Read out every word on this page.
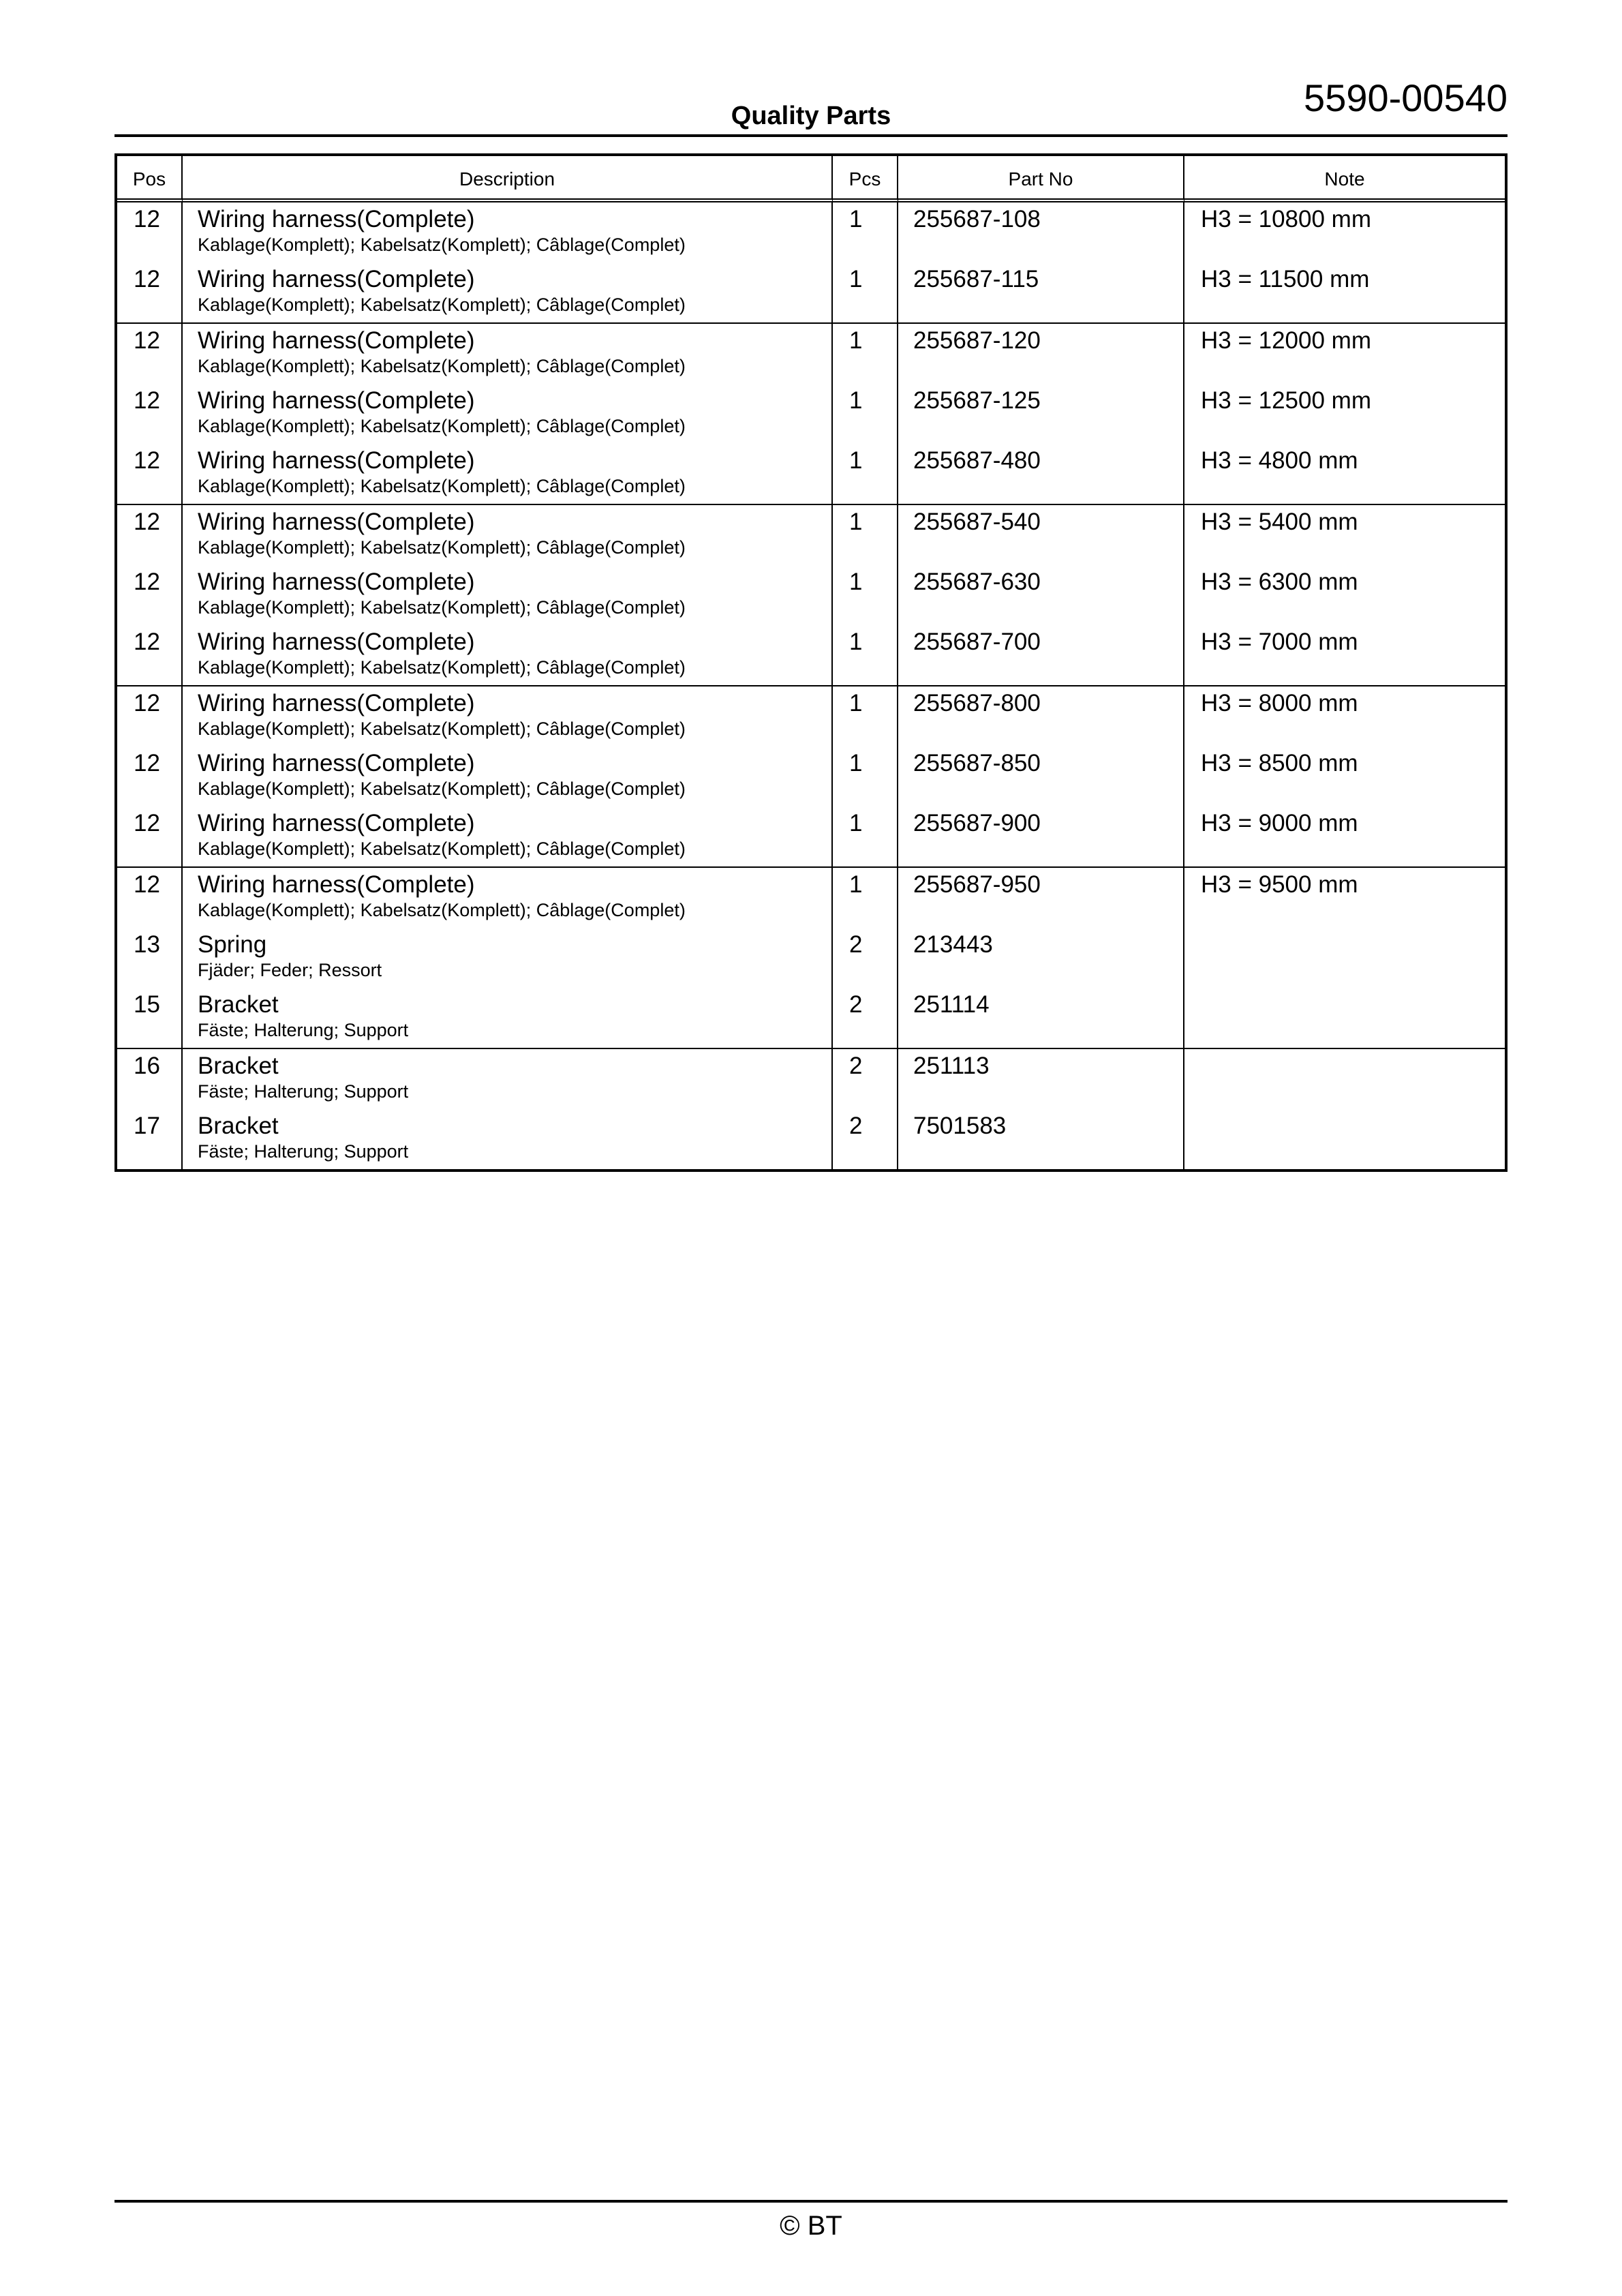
5590-00540
Quality Parts
Pos	Description	Pcs	Part No	Note

12	Wiring harness(Complete)
Kablage(Komplett); Kabelsatz(Komplett); Câblage(Complet)	1	255687-108	H3 = 10800 mm

12	Wiring harness(Complete)
Kablage(Komplett); Kabelsatz(Komplett); Câblage(Complet)	1	255687-115	H3 = 11500 mm

12	Wiring harness(Complete)
Kablage(Komplett); Kabelsatz(Komplett); Câblage(Complet)	1	255687-120	H3 = 12000 mm

12	Wiring harness(Complete)
Kablage(Komplett); Kabelsatz(Komplett); Câblage(Complet)	1	255687-125	H3 = 12500 mm

12	Wiring harness(Complete)
Kablage(Komplett); Kabelsatz(Komplett); Câblage(Complet)	1	255687-480	H3 = 4800 mm

12	Wiring harness(Complete)
Kablage(Komplett); Kabelsatz(Komplett); Câblage(Complet)	1	255687-540	H3 = 5400 mm

12	Wiring harness(Complete)
Kablage(Komplett); Kabelsatz(Komplett); Câblage(Complet)	1	255687-630	H3 = 6300 mm

12	Wiring harness(Complete)
Kablage(Komplett); Kabelsatz(Komplett); Câblage(Complet)	1	255687-700	H3 = 7000 mm

12	Wiring harness(Complete)
Kablage(Komplett); Kabelsatz(Komplett); Câblage(Complet)	1	255687-800	H3 = 8000 mm

12	Wiring harness(Complete)
Kablage(Komplett); Kabelsatz(Komplett); Câblage(Complet)	1	255687-850	H3 = 8500 mm

12	Wiring harness(Complete)
Kablage(Komplett); Kabelsatz(Komplett); Câblage(Complet)	1	255687-900	H3 = 9000 mm

12	Wiring harness(Complete)
Kablage(Komplett); Kabelsatz(Komplett); Câblage(Complet)	1	255687-950	H3 = 9500 mm

13	Spring
Fjäder; Feder; Ressort	2	213443	

15	Bracket
Fäste; Halterung; Support	2	251114	

16	Bracket
Fäste; Halterung; Support	2	251113	

17	Bracket
Fäste; Halterung; Support	2	7501583	

© BT
